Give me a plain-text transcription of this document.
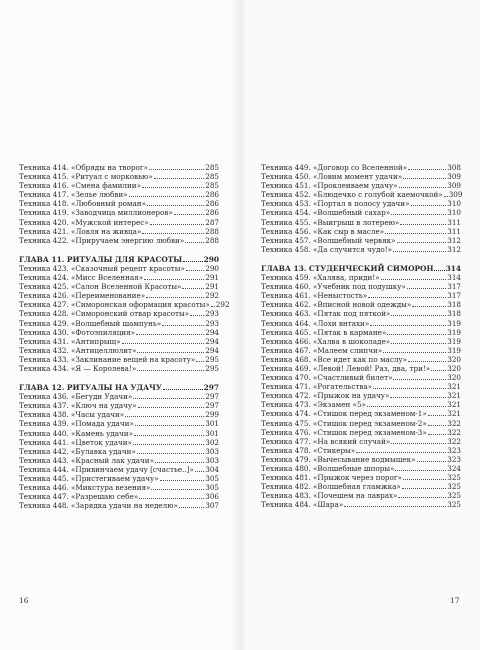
Техника 414. «Обряды на творог»	285
Техника 415. «Ритуал с морковью»	285
Техника 416. «Смена фамилии»	285
Техника 417. «Зелье любви»	286
Техника 418. «Любовный роман»	286
Техника 419. «Заводчица миллионеров»	286
Техника 420. «Мужской интерес»	287
Техника 421. «Ловля на живца»	288
Техника 422. «Приручаем энергию любви»	288
ГЛАВА 11. РИТУАЛЫ ДЛЯ КРАСОТЫ	290
Техника 423. «Сказочный рецепт красоты»	290
Техника 424. «Мисс Вселенная»	291
Техника 425. «Салон Вселенной Красоты»	291
Техника 426. «Переименование»	292
Техника 427. «Симоронская оформация красоты» 292
Техника 428. «Симоронский отвар красоты» 293
Техника 429. «Волшебный шампунь»	293
Техника 430. «Фотоэпиляция»	294
Техника 431. «Антипрыщ»	294
Техника 432. «Антицеллюлит»	294
Техника 433. «Заклинание вещей на красоту» 295
Техника 434. «Я — Королева!»	295
ГЛАВА 12. РИТУАЛЫ НА УДАЧУ	297
Техника 436. «Бегуди Удачи»	297
Техника 437. «Ключ на удачу»	297
Техника 438. «Часы удачи»	299
Техника 439. «Помада удачи»	301
Техника 440. «Камень удачи»	301
Техника 441. «Цветок удачи»	302
Техника 442. «Булавка удачи»	303
Техника 443. «Красный лак удачи»	303
Техника 444. «Привинчаем удачу [счастье..]» 304
Техника 445. «Пристегиваем удачу»	305
Техника 446. «Микстура везения»	305
Техника 447. «Разрешаю себе»	306
Техника 448. «Зарядка удачи на неделю»	307
16
Техника 449. «Договор со Вселенной»	308
Техника 450. «Ловим момент удачи»	309
Техника 451. «Проклеиваем удачу»	309
Техника 452. «Блюдечко с голубой каемочкой» 309
Техника 453. «Портал в полосу удачи»	310
Техника 454. «Волшебный сахар»	310
Техника 455. «Выигрыш в лотерею»	311
Техника 456. «Как сыр в масле»	311
Техника 457. «Волшебный червяк»	312
Техника 458. «Да случится чудо!»	312
ГЛАВА 13. СТУДЕНЧЕСКИЙ СИМОРОН 314
Техника 459. «Халява, приди!»	314
Техника 460. «Учебник под подушку»	317
Техника 461. «Неныстость»	317
Техника 462. «Вписной новой одежды»	318
Техника 463. «Пятак под пяткой»	318
Техника 464. «Лохи внтахи»	319
Техника 465. «Пятак в кармане»	319
Техника 466. «Халва в шоколаде»	319
Техника 467. «Малеем слипчи»	319
Техника 468. «Все идет как по маслу»	320
Техника 469. «Левой! Левой! Раз, два, три!» 320
Техника 470. «Счастливый билет»	320
Техника 471. «Рогательства»	321
Техника 472. «Прыжок на удачу»	321
Техника 473. «Экзамен «5»	321
Техника 474. «Стишок перед экзаменом-1»	321
Техника 475. «Стишок перед экзаменом-2»	322
Техника 476. «Стишок перед экзаменом-3»	322
Техника 477. «На всякий случай»	322
Техника 478. «Стикеры»	323
Техника 479. «Вычесывание водмышек»	323
Техника 480. «Волшебные шпоры»	324
Техника 481. «Прыжок через порог»	325
Техника 482. «Волшебная гламжка»	325
Техника 483. «Почешем на лаврах»	325
Техника 484. «Шара»	325
17
